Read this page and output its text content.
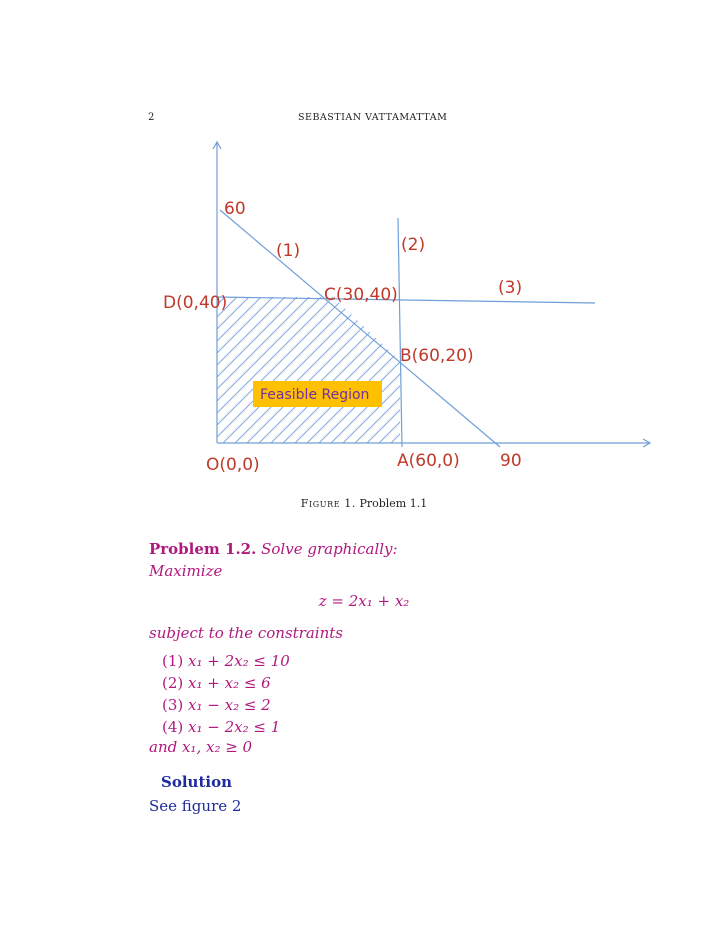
2	SEBASTIAN VATTAMATTAM
60
(1)	(2)
(3)
D(0,40)	C(30,40)
B(60,20)
O(0,0)	A(60,0) 90
Feasible Region
Figure 1. Problem 1.1
Problem 1.2. Solve graphically:
Maximize
z = 2x₁ + x₂
subject to the constraints
(1) x₁ + 2x₂ ≤ 10
(2) x₁ + x₂ ≤ 6
(3) x₁ − x₂ ≤ 2
(4) x₁ − 2x₂ ≤ 1
and x₁, x₂ ≥ 0
Solution
See figure 2
